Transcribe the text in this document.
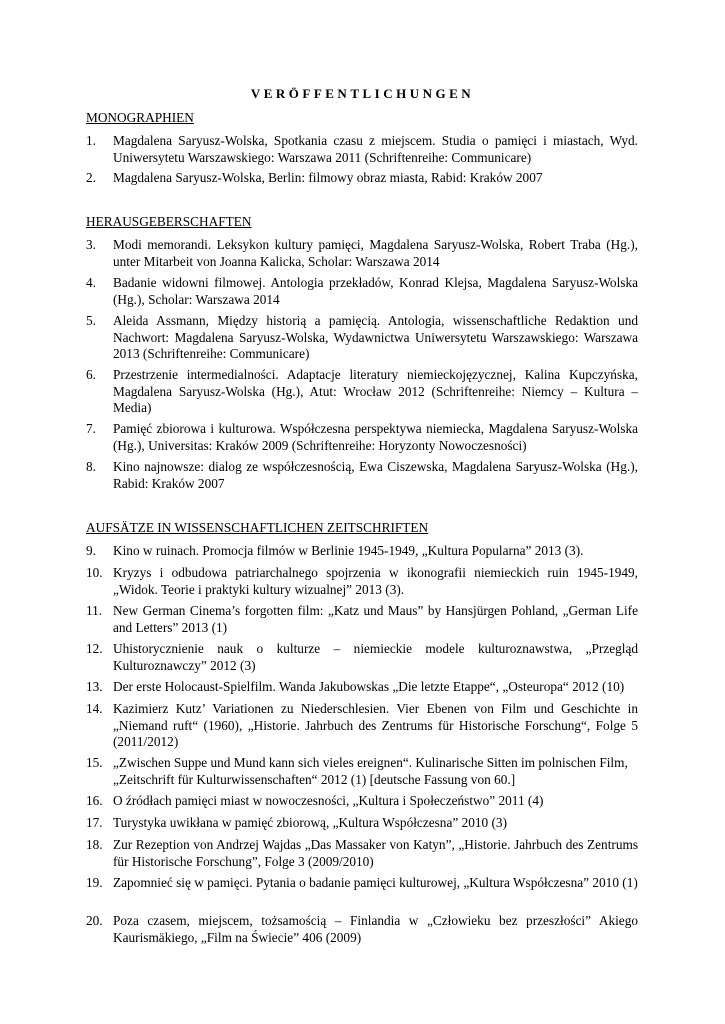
VERÖFFENTLICHUNGEN
MONOGRAPHIEN
1. Magdalena Saryusz-Wolska, Spotkania czasu z miejscem. Studia o pamięci i miastach, Wyd. Uniwersytetu Warszawskiego: Warszawa 2011 (Schriftenreihe: Communicare)
2. Magdalena Saryusz-Wolska, Berlin: filmowy obraz miasta, Rabid: Kraków 2007
HERAUSGEBERSCHAFTEN
3. Modi memorandi. Leksykon kultury pamięci, Magdalena Saryusz-Wolska, Robert Traba (Hg.), unter Mitarbeit von Joanna Kalicka, Scholar: Warszawa 2014
4. Badanie widowni filmowej. Antologia przekładów, Konrad Klejsa, Magdalena Saryusz-Wolska (Hg.), Scholar: Warszawa 2014
5. Aleida Assmann, Między historią a pamięcią. Antologia, wissenschaftliche Redaktion und Nachwort: Magdalena Saryusz-Wolska, Wydawnictwa Uniwersytetu Warszawskiego: Warszawa 2013 (Schriftenreihe: Communicare)
6. Przestrzenie intermedialności. Adaptacje literatury niemieckojęzycznej, Kalina Kupczyńska, Magdalena Saryusz-Wolska (Hg.), Atut: Wrocław 2012 (Schriftenreihe: Niemcy – Kultura – Media)
7. Pamięć zbiorowa i kulturowa. Współczesna perspektywa niemiecka, Magdalena Saryusz-Wolska (Hg.), Universitas: Kraków 2009 (Schriftenreihe: Horyzonty Nowoczesności)
8. Kino najnowsze: dialog ze współczesnością, Ewa Ciszewska, Magdalena Saryusz-Wolska (Hg.), Rabid: Kraków 2007
AUFSÄTZE IN WISSENSCHAFTLICHEN ZEITSCHRIFTEN
9. Kino w ruinach. Promocja filmów w Berlinie 1945-1949, „Kultura Popularna” 2013 (3).
10. Kryzys i odbudowa patriarchalnego spojrzenia w ikonografii niemieckich ruin 1945-1949, „Widok. Teorie i praktyki kultury wizualnej” 2013 (3).
11. New German Cinema’s forgotten film: „Katz und Maus” by Hansjürgen Pohland, „German Life and Letters” 2013 (1)
12. Uhistorycznienie nauk o kulturze – niemieckie modele kulturoznawstwa, „Przegląd Kulturoznawczy” 2012 (3)
13. Der erste Holocaust-Spielfilm. Wanda Jakubowskas „Die letzte Etappe“, „Osteuropa“ 2012 (10)
14. Kazimierz Kutz’ Variationen zu Niederschlesien. Vier Ebenen von Film und Geschichte in „Niemand ruft“ (1960), „Historie. Jahrbuch des Zentrums für Historische Forschung“, Folge 5 (2011/2012)
15. „Zwischen Suppe und Mund kann sich vieles ereignen“. Kulinarische Sitten im polnischen Film, „Zeitschrift für Kulturwissenschaften“ 2012 (1) [deutsche Fassung von 60.]
16. O źródłach pamięci miast w nowoczesności, „Kultura i Społeczeństwo” 2011 (4)
17. Turystyka uwikłana w pamięć zbiorową, „Kultura Współczesna” 2010 (3)
18. Zur Rezeption von Andrzej Wajdas „Das Massaker von Katyn”, „Historie. Jahrbuch des Zentrums für Historische Forschung”, Folge 3 (2009/2010)
19. Zapomnieć się w pamięci. Pytania o badanie pamięci kulturowej, „Kultura Współczesna” 2010 (1)
20. Poza czasem, miejscem, tożsamością – Finlandia w „Człowieku bez przeszłości” Akiego Kaurismäkiego, „Film na Świecie” 406 (2009)
